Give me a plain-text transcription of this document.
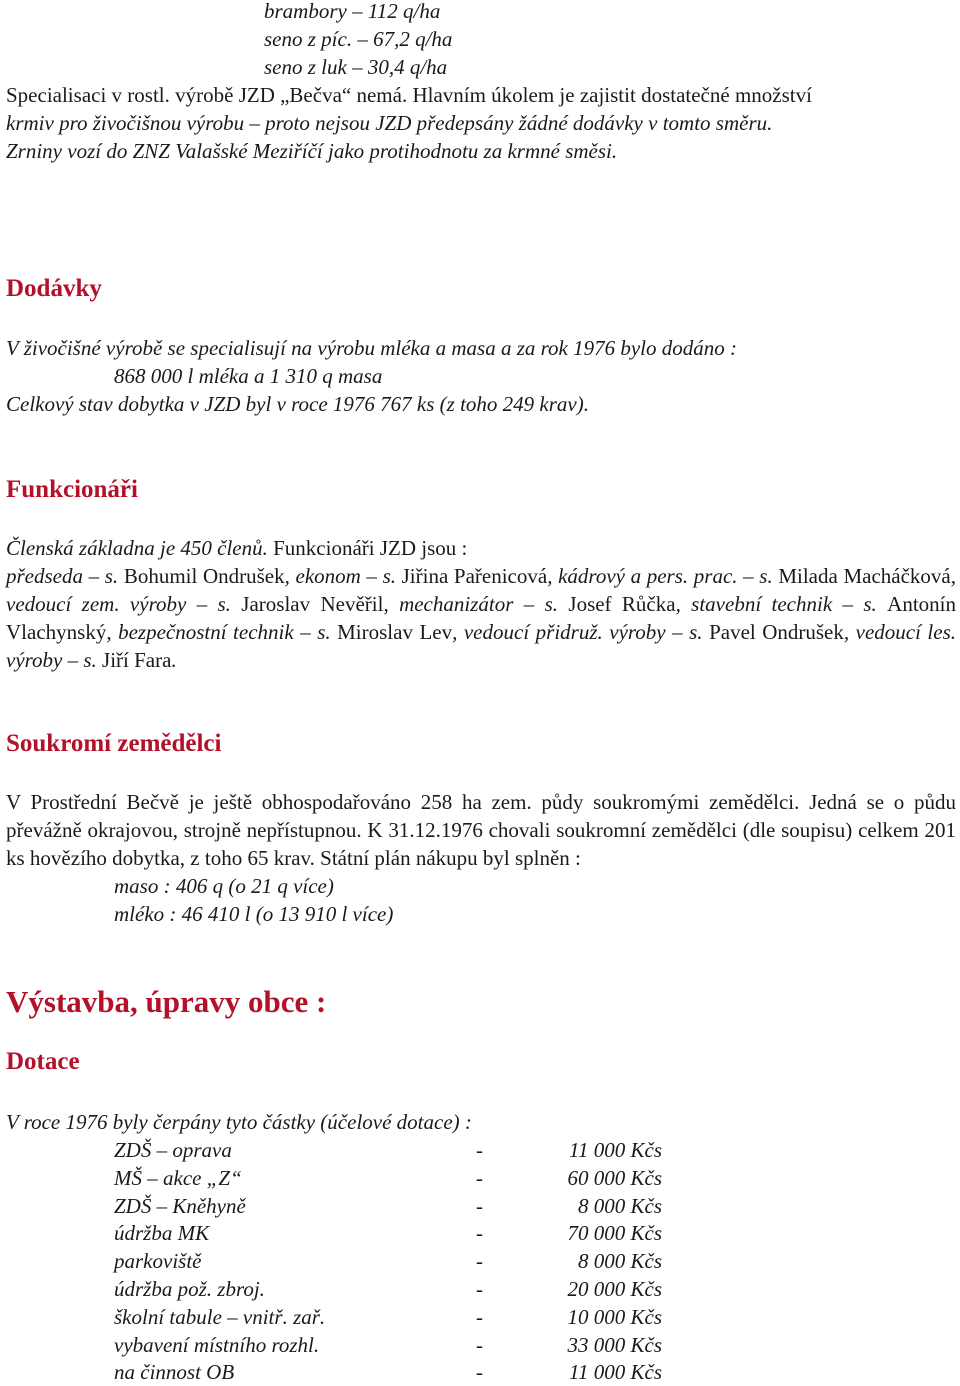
brambory – 112 q/ha
seno z píc. – 67,2 q/ha
seno z luk – 30,4 q/ha
Specialisaci v rostl. výrobě JZD „Bečva“ nemá. Hlavním úkolem je zajistit dostatečné množství
krmiv pro živočišnou výrobu – proto nejsou JZD předepsány žádné dodávky v tomto směru.
Zrniny vozí do ZNZ Valašské Meziříčí jako protihodnotu za krmné směsi.
Dodávky
V živočišné výrobě se specialisují na výrobu mléka a masa a za rok 1976 bylo dodáno :
868 000 l mléka a 1 310 q masa
Celkový stav dobytka v JZD byl v roce 1976 767 ks (z toho 249 krav).
Funkcionáři
Členská základna je 450 členů. Funkcionáři JZD jsou :
předseda – s. Bohumil Ondrušek, ekonom – s. Jiřina Pařenicová, kádrový a pers. prac. – s. Milada Macháčková, vedoucí zem. výroby – s. Jaroslav Nevěřil, mechanizátor – s. Josef Růčka, stavební technik – s. Antonín Vlachynský, bezpečnostní technik – s. Miroslav Lev, vedoucí přidruž. výroby – s. Pavel Ondrušek, vedoucí les. výroby – s. Jiří Fara.
Soukromí zemědělci
V Prostřední Bečvě je ještě obhospodařováno 258 ha zem. půdy soukromými zemědělci. Jedná se o půdu převážně okrajovou, strojně nepřístupnou. K 31.12.1976 chovali soukromní zemědělci (dle soupisu) celkem 201 ks hovězího dobytka, z toho 65 krav. Státní plán nákupu byl splněn :
maso : 406 q (o 21 q více)
mléko : 46 410 l (o 13 910 l více)
Výstavba, úpravy obce :
Dotace
V roce 1976 byly čerpány tyto částky (účelové dotace) :
ZDŠ – oprava	-	11 000 Kčs
MŠ – akce „Z“	-	60 000 Kčs
ZDŠ – Kněhyně	-	8 000 Kčs
údržba MK	-	70 000 Kčs
parkoviště	-	8 000 Kčs
údržba pož. zbroj.	-	20 000 Kčs
školní tabule – vnitř. zař.	-	10 000 Kčs
vybavení místního rozhl.	-	33 000 Kčs
na činnost OB	-	11 000 Kčs
